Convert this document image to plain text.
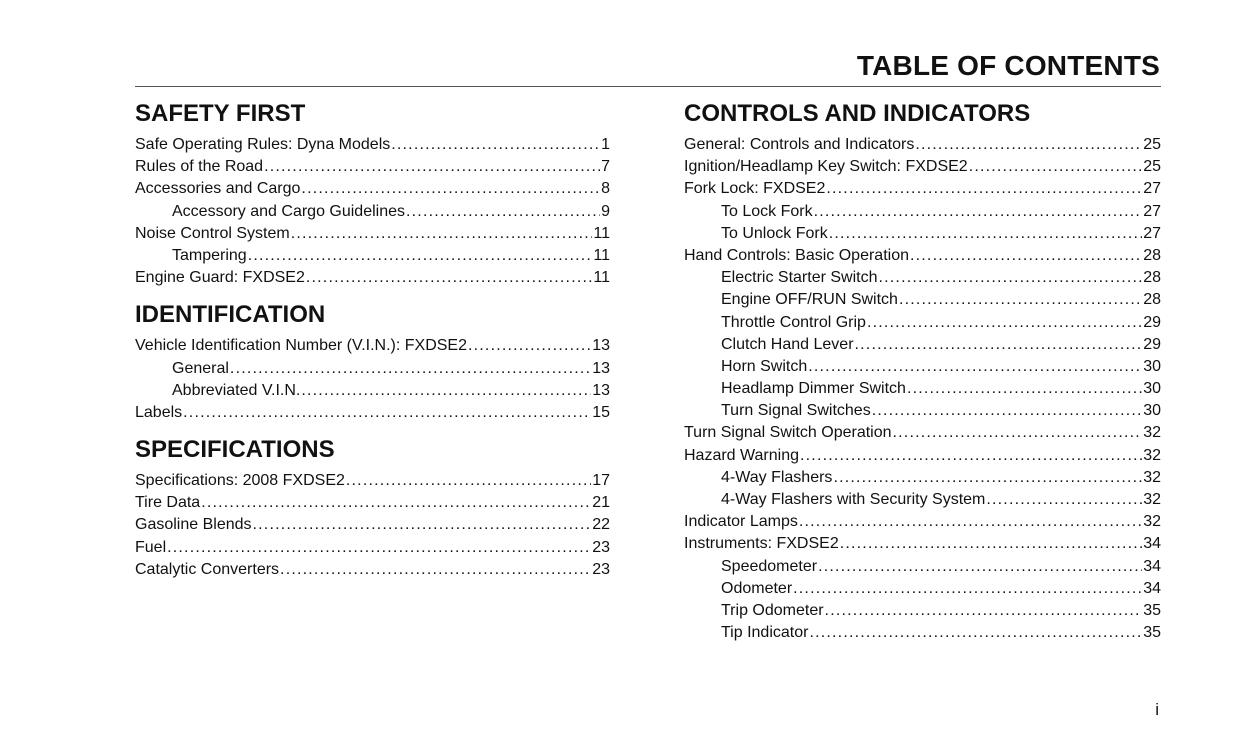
TABLE OF CONTENTS
SAFETY FIRST
Safe Operating Rules: Dyna Models .....	1
Rules of the Road .....	7
Accessories and Cargo .....	8
Accessory and Cargo Guidelines .....	9
Noise Control System .....	11
Tampering .....	11
Engine Guard: FXDSE2 .....	11
IDENTIFICATION
Vehicle Identification Number (V.I.N.): FXDSE2 .....	13
General .....	13
Abbreviated V.I.N. .....	13
Labels .....	15
SPECIFICATIONS
Specifications: 2008 FXDSE2 .....	17
Tire Data .....	21
Gasoline Blends .....	22
Fuel .....	23
Catalytic Converters .....	23
CONTROLS AND INDICATORS
General: Controls and Indicators .....	25
Ignition/Headlamp Key Switch: FXDSE2 .....	25
Fork Lock: FXDSE2 .....	27
To Lock Fork .....	27
To Unlock Fork .....	27
Hand Controls: Basic Operation .....	28
Electric Starter Switch .....	28
Engine OFF/RUN Switch .....	28
Throttle Control Grip .....	29
Clutch Hand Lever .....	29
Horn Switch .....	30
Headlamp Dimmer Switch .....	30
Turn Signal Switches .....	30
Turn Signal Switch Operation .....	32
Hazard Warning .....	32
4-Way Flashers .....	32
4-Way Flashers with Security System .....	32
Indicator Lamps .....	32
Instruments: FXDSE2 .....	34
Speedometer .....	34
Odometer .....	34
Trip Odometer .....	35
Tip Indicator .....	35
i
